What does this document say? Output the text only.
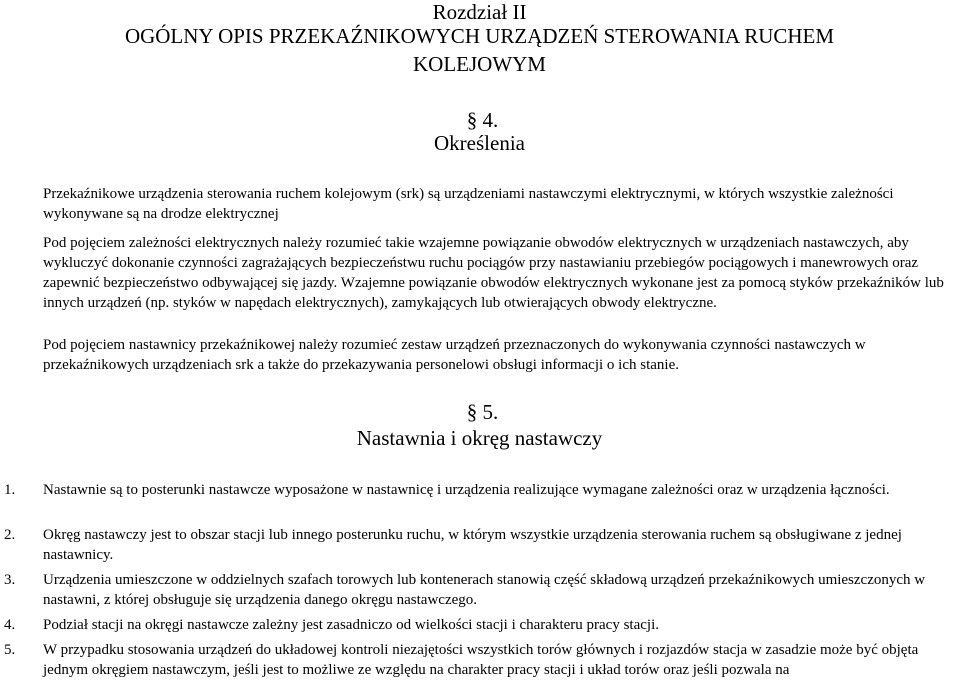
Rozdział II
OGÓLNY OPIS PRZEKAŹNIKOWYCH URZĄDZEŃ STEROWANIA RUCHEM
KOLEJOWYM
§ 4.
Określenia

Przekaźnikowe urządzenia sterowania ruchem kolejowym (srk) są urządzeniami nastawczymi elektrycznymi, w których wszystkie zależności wykonywane są na drodze elektrycznej

Pod pojęciem zależności elektrycznych należy rozumieć takie wzajemne powiązanie obwodów elektrycznych w urządzeniach nastawczych, aby wykluczyć dokonanie czynności zagrażających bezpieczeństwu ruchu pociągów przy nastawianiu przebiegów pociągowych i manewrowych oraz zapewnić bezpieczeństwo odbywającej się jazdy. Wzajemne powiązanie obwodów elektrycznych wykonane jest za pomocą styków przekaźników lub innych urządzeń (np. styków w napędach elektrycznych), zamykających lub otwierających obwody elektryczne.

Pod pojęciem nastawnicy przekaźnikowej należy rozumieć zestaw urządzeń przeznaczonych do wykonywania czynności nastawczych w przekaźnikowych urządzeniach srk a także do przekazywania personelowi obsługi informacji o ich stanie.

§ 5.
Nastawnia i okręg nastawczy
1. Nastawnie są to posterunki nastawcze wyposażone w nastawnicę i urządzenia realizujące wymagane zależności oraz w urządzenia łączności.
2. Okręg nastawczy jest to obszar stacji lub innego posterunku ruchu, w którym wszystkie urządzenia sterowania ruchem są obsługiwane z jednej nastawnicy.
3. Urządzenia umieszczone w oddzielnych szafach torowych lub kontenerach stanowią część składową urządzeń przekaźnikowych umieszczonych w nastawni, z której obsługuje się urządzenia danego okręgu nastawczego.
4. Podział stacji na okręgi nastawcze zależny jest zasadniczo od wielkości stacji i charakteru pracy stacji.
5. W przypadku stosowania urządzeń do układowej kontroli niezajętości wszystkich torów głównych i rozjazdów stacja w zasadzie może być objęta jednym okręgiem nastawczym, jeśli jest to możliwe ze względu na charakter pracy stacji i układ torów oraz jeśli pozwala na
